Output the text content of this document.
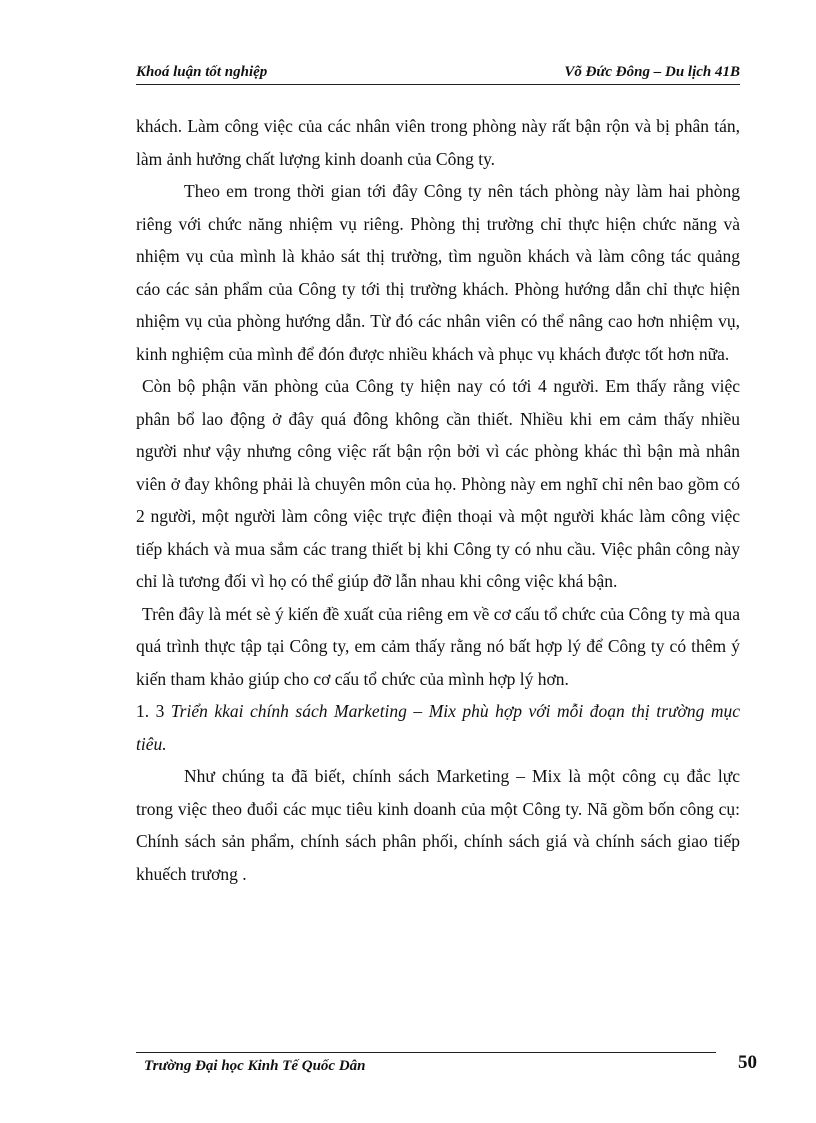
Khoá luận tốt nghiệp	Võ Đức Đông – Du lịch 41B

khách. Làm công việc của các nhân viên trong phòng này rất bận rộn và bị phân tán, làm ảnh hưởng chất lượng kinh doanh của Công ty.

Theo em trong thời gian tới đây Công ty nên tách phòng này làm hai phòng riêng với chức năng nhiệm vụ riêng. Phòng thị trường chỉ thực hiện chức năng và nhiệm vụ của mình là khảo sát thị trường, tìm nguồn khách và làm công tác quảng cáo các sản phẩm của Công ty tới thị trường khách. Phòng hướng dẫn chỉ thực hiện nhiệm vụ của phòng hướng dẫn. Từ đó các nhân viên có thể nâng cao hơn nhiệm vụ, kinh nghiệm của mình để đón được nhiều khách và phục vụ khách được tốt hơn nữa.

Còn bộ phận văn phòng của Công ty hiện nay có tới 4 người. Em thấy rằng việc phân bổ lao động ở đây quá đông không cần thiết. Nhiều khi em cảm thấy nhiều người như vậy nhưng công việc rất bận rộn bởi vì các phòng khác thì bận mà nhân viên ở đay không phải là chuyên môn của họ. Phòng này em nghĩ chỉ nên bao gồm có 2 người, một người làm công việc trực điện thoại và một người khác làm công việc tiếp khách và mua sắm các trang thiết bị khi Công ty có nhu cầu. Việc phân công này chỉ là tương đối vì họ có thể giúp đỡ lẫn nhau khi công việc khá bận.

Trên đây là mét sè ý kiến đề xuất của riêng em về cơ cấu tổ chức của Công ty mà qua quá trình thực tập tại Công ty, em cảm thấy rằng nó bất hợp lý để Công ty có thêm ý kiến tham khảo giúp cho cơ cấu tổ chức của mình hợp lý hơn.

1. 3 Triển kkai chính sách Marketing – Mix phù hợp với mỗi đoạn thị trường mục tiêu.

Như chúng ta đã biết, chính sách Marketing – Mix là một công cụ đắc lực trong việc theo đuổi các mục tiêu kinh doanh của một Công ty. Nã gồm bốn công cụ: Chính sách sản phẩm, chính sách phân phối, chính sách giá và chính sách giao tiếp khuếch trương .

Trường Đại học Kinh Tế Quốc Dân	50
